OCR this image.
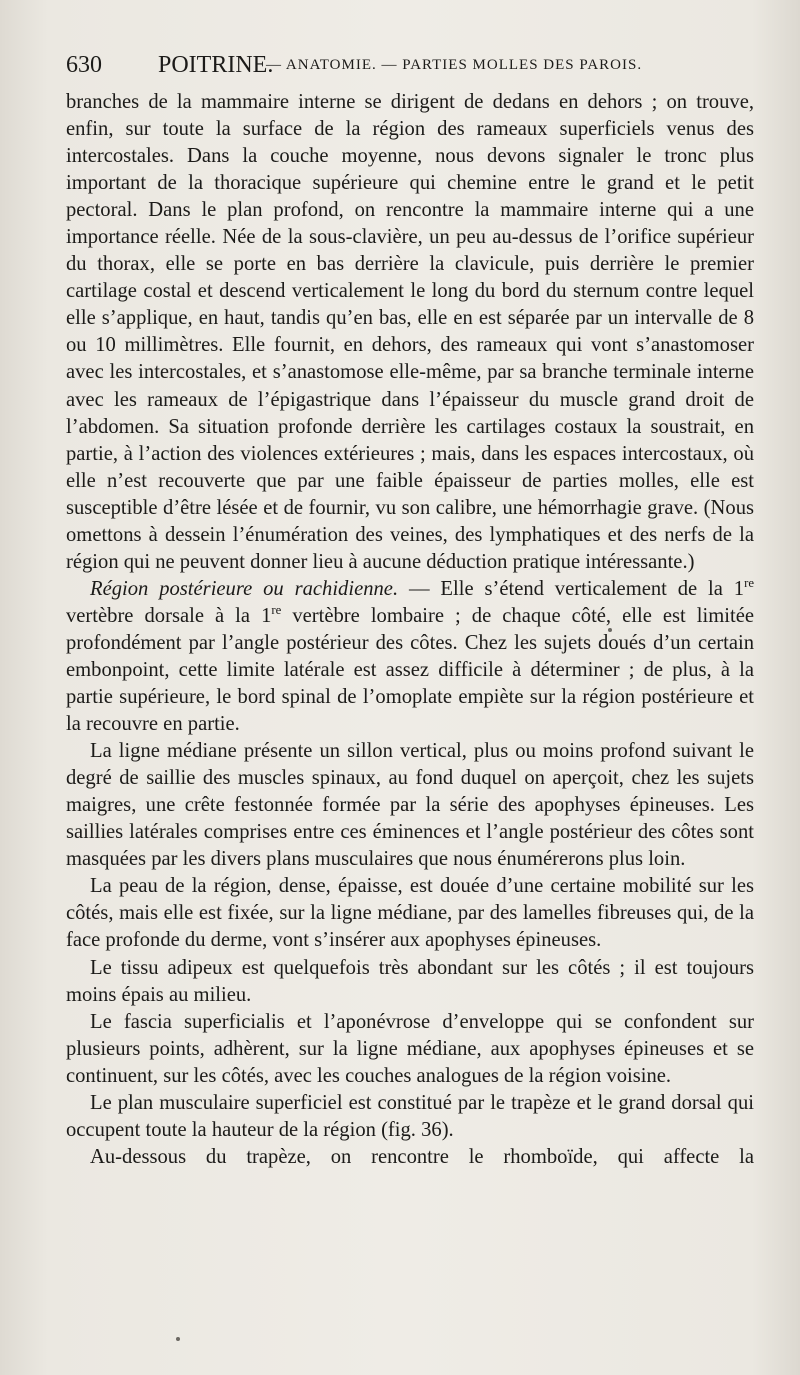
630 POITRINE.
— ANATOMIE. — PARTIES MOLLES DES PAROIS.

branches de la mammaire interne se dirigent de dedans en dehors ; on trouve, enfin, sur toute la surface de la région des rameaux superficiels venus des intercostales. Dans la couche moyenne, nous devons signaler le tronc plus important de la thoracique supérieure qui chemine entre le grand et le petit pectoral. Dans le plan profond, on rencontre la mammaire interne qui a une importance réelle. Née de la sous-clavière, un peu au-dessus de l’orifice supérieur du thorax, elle se porte en bas derrière la clavicule, puis derrière le premier cartilage costal et descend verticalement le long du bord du sternum contre lequel elle s’applique, en haut, tandis qu’en bas, elle en est séparée par un intervalle de 8 ou 10 millimètres. Elle fournit, en dehors, des rameaux qui vont s’anastomoser avec les intercostales, et s’anastomose elle-même, par sa branche terminale interne avec les rameaux de l’épigastrique dans l’épaisseur du muscle grand droit de l’abdomen. Sa situation profonde derrière les cartilages costaux la soustrait, en partie, à l’action des violences extérieures ; mais, dans les espaces intercostaux, où elle n’est recouverte que par une faible épaisseur de parties molles, elle est susceptible d’être lésée et de fournir, vu son calibre, une hémorrhagie grave. (Nous omettons à dessein l’énumération des veines, des lymphatiques et des nerfs de la région qui ne peuvent donner lieu à aucune déduction pratique intéressante.)

Région postérieure ou rachidienne. — Elle s’étend verticalement de la 1re vertèbre dorsale à la 1re vertèbre lombaire ; de chaque côté, elle est limitée profondément par l’angle postérieur des côtes. Chez les sujets doués d’un certain embonpoint, cette limite latérale est assez difficile à déterminer ; de plus, à la partie supérieure, le bord spinal de l’omoplate empiète sur la région postérieure et la recouvre en partie.

La ligne médiane présente un sillon vertical, plus ou moins profond suivant le degré de saillie des muscles spinaux, au fond duquel on aperçoit, chez les sujets maigres, une crête festonnée formée par la série des apophyses épineuses. Les saillies latérales comprises entre ces éminences et l’angle postérieur des côtes sont masquées par les divers plans musculaires que nous énumérerons plus loin.

La peau de la région, dense, épaisse, est douée d’une certaine mobilité sur les côtés, mais elle est fixée, sur la ligne médiane, par des lamelles fibreuses qui, de la face profonde du derme, vont s’insérer aux apophyses épineuses.

Le tissu adipeux est quelquefois très abondant sur les côtés ; il est toujours moins épais au milieu.

Le fascia superficialis et l’aponévrose d’enveloppe qui se confondent sur plusieurs points, adhèrent, sur la ligne médiane, aux apophyses épineuses et se continuent, sur les côtés, avec les couches analogues de la région voisine.

Le plan musculaire superficiel est constitué par le trapèze et le grand dorsal qui occupent toute la hauteur de la région (fig. 36).

Au-dessous du trapèze, on rencontre le rhomboïde, qui affecte la
